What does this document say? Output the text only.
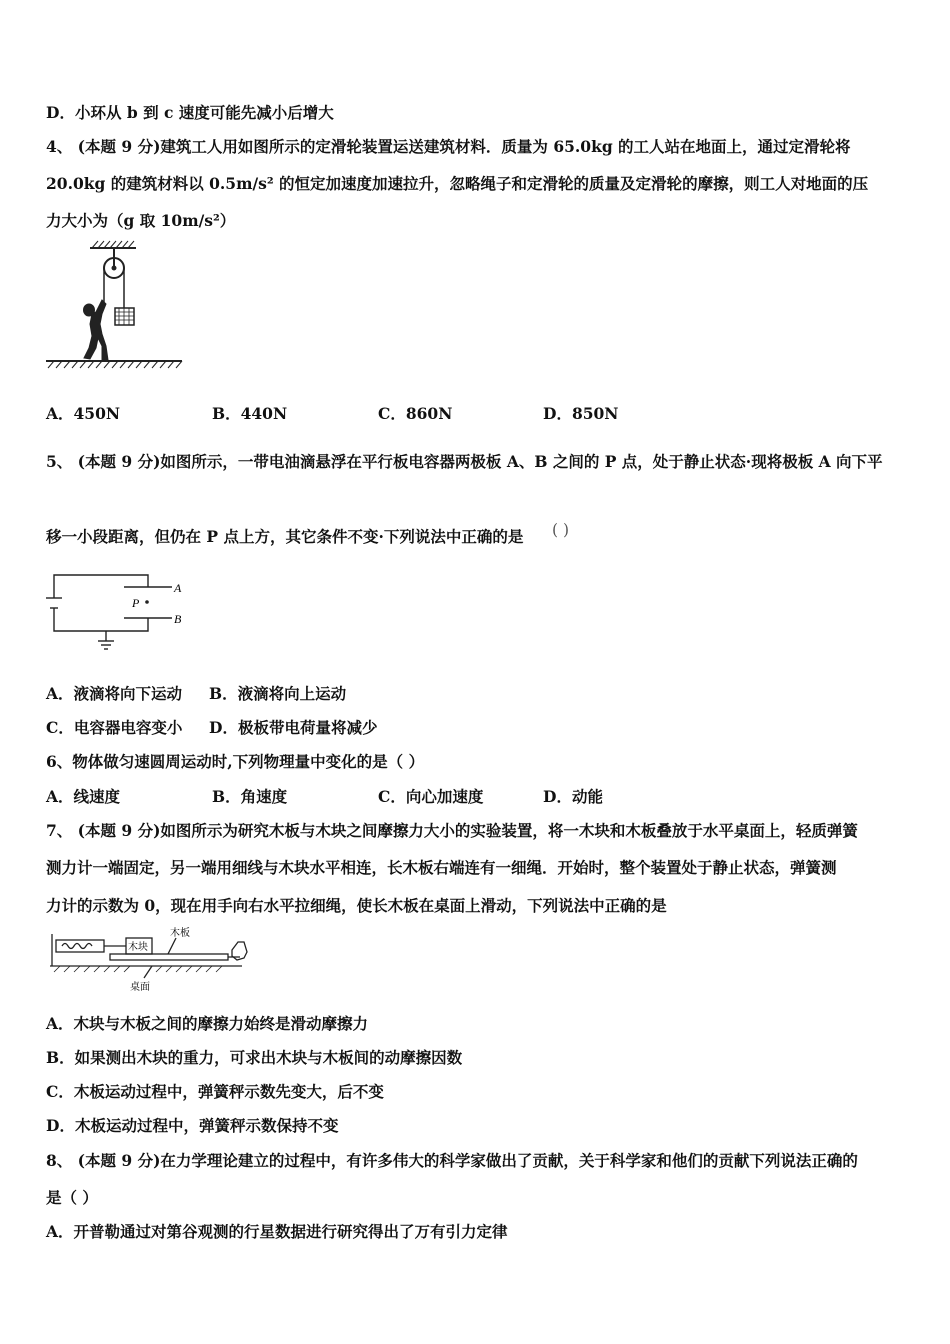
D．小环从 b 到 c 速度可能先减小后增大
4、 (本题 9 分)建筑工人用如图所示的定滑轮装置运送建筑材料．质量为 65.0kg 的工人站在地面上，通过定滑轮将
20.0kg 的建筑材料以 0.5m/s² 的恒定加速度加速拉升，忽略绳子和定滑轮的质量及定滑轮的摩擦，则工人对地面的压
力大小为（g 取 10m/s²）
A．450N	B．440N	C．860N	D．850N
5、 (本题 9 分)如图所示，一带电油滴悬浮在平行板电容器两极板 A、B 之间的 P 点，处于静止状态·现将极板 A 向下平
移一小段距离，但仍在 P 点上方，其它条件不变·下列说法中正确的是 ( )
P
A
B
A．液滴将向下运动 B．液滴将向上运动
C．电容器电容变小 D．极板带电荷量将减少
6、物体做匀速圆周运动时,下列物理量中变化的是（ ）
A．线速度	B．角速度	C．向心加速度	D．动能
7、 (本题 9 分)如图所示为研究木板与木块之间摩擦力大小的实验装置，将一木块和木板叠放于水平桌面上，轻质弹簧
测力计一端固定，另一端用细线与木块水平相连，长木板右端连有一细绳．开始时，整个装置处于静止状态，弹簧测
力计的示数为 0，现在用手向右水平拉细绳，使长木板在桌面上滑动，下列说法中正确的是
木块
木板
桌面
A．木块与木板之间的摩擦力始终是滑动摩擦力
B．如果测出木块的重力，可求出木块与木板间的动摩擦因数
C．木板运动过程中，弹簧秤示数先变大，后不变
D．木板运动过程中，弹簧秤示数保持不变
8、 (本题 9 分)在力学理论建立的过程中，有许多伟大的科学家做出了贡献，关于科学家和他们的贡献下列说法正确的
是（ ）
A．开普勒通过对第谷观测的行星数据进行研究得出了万有引力定律
